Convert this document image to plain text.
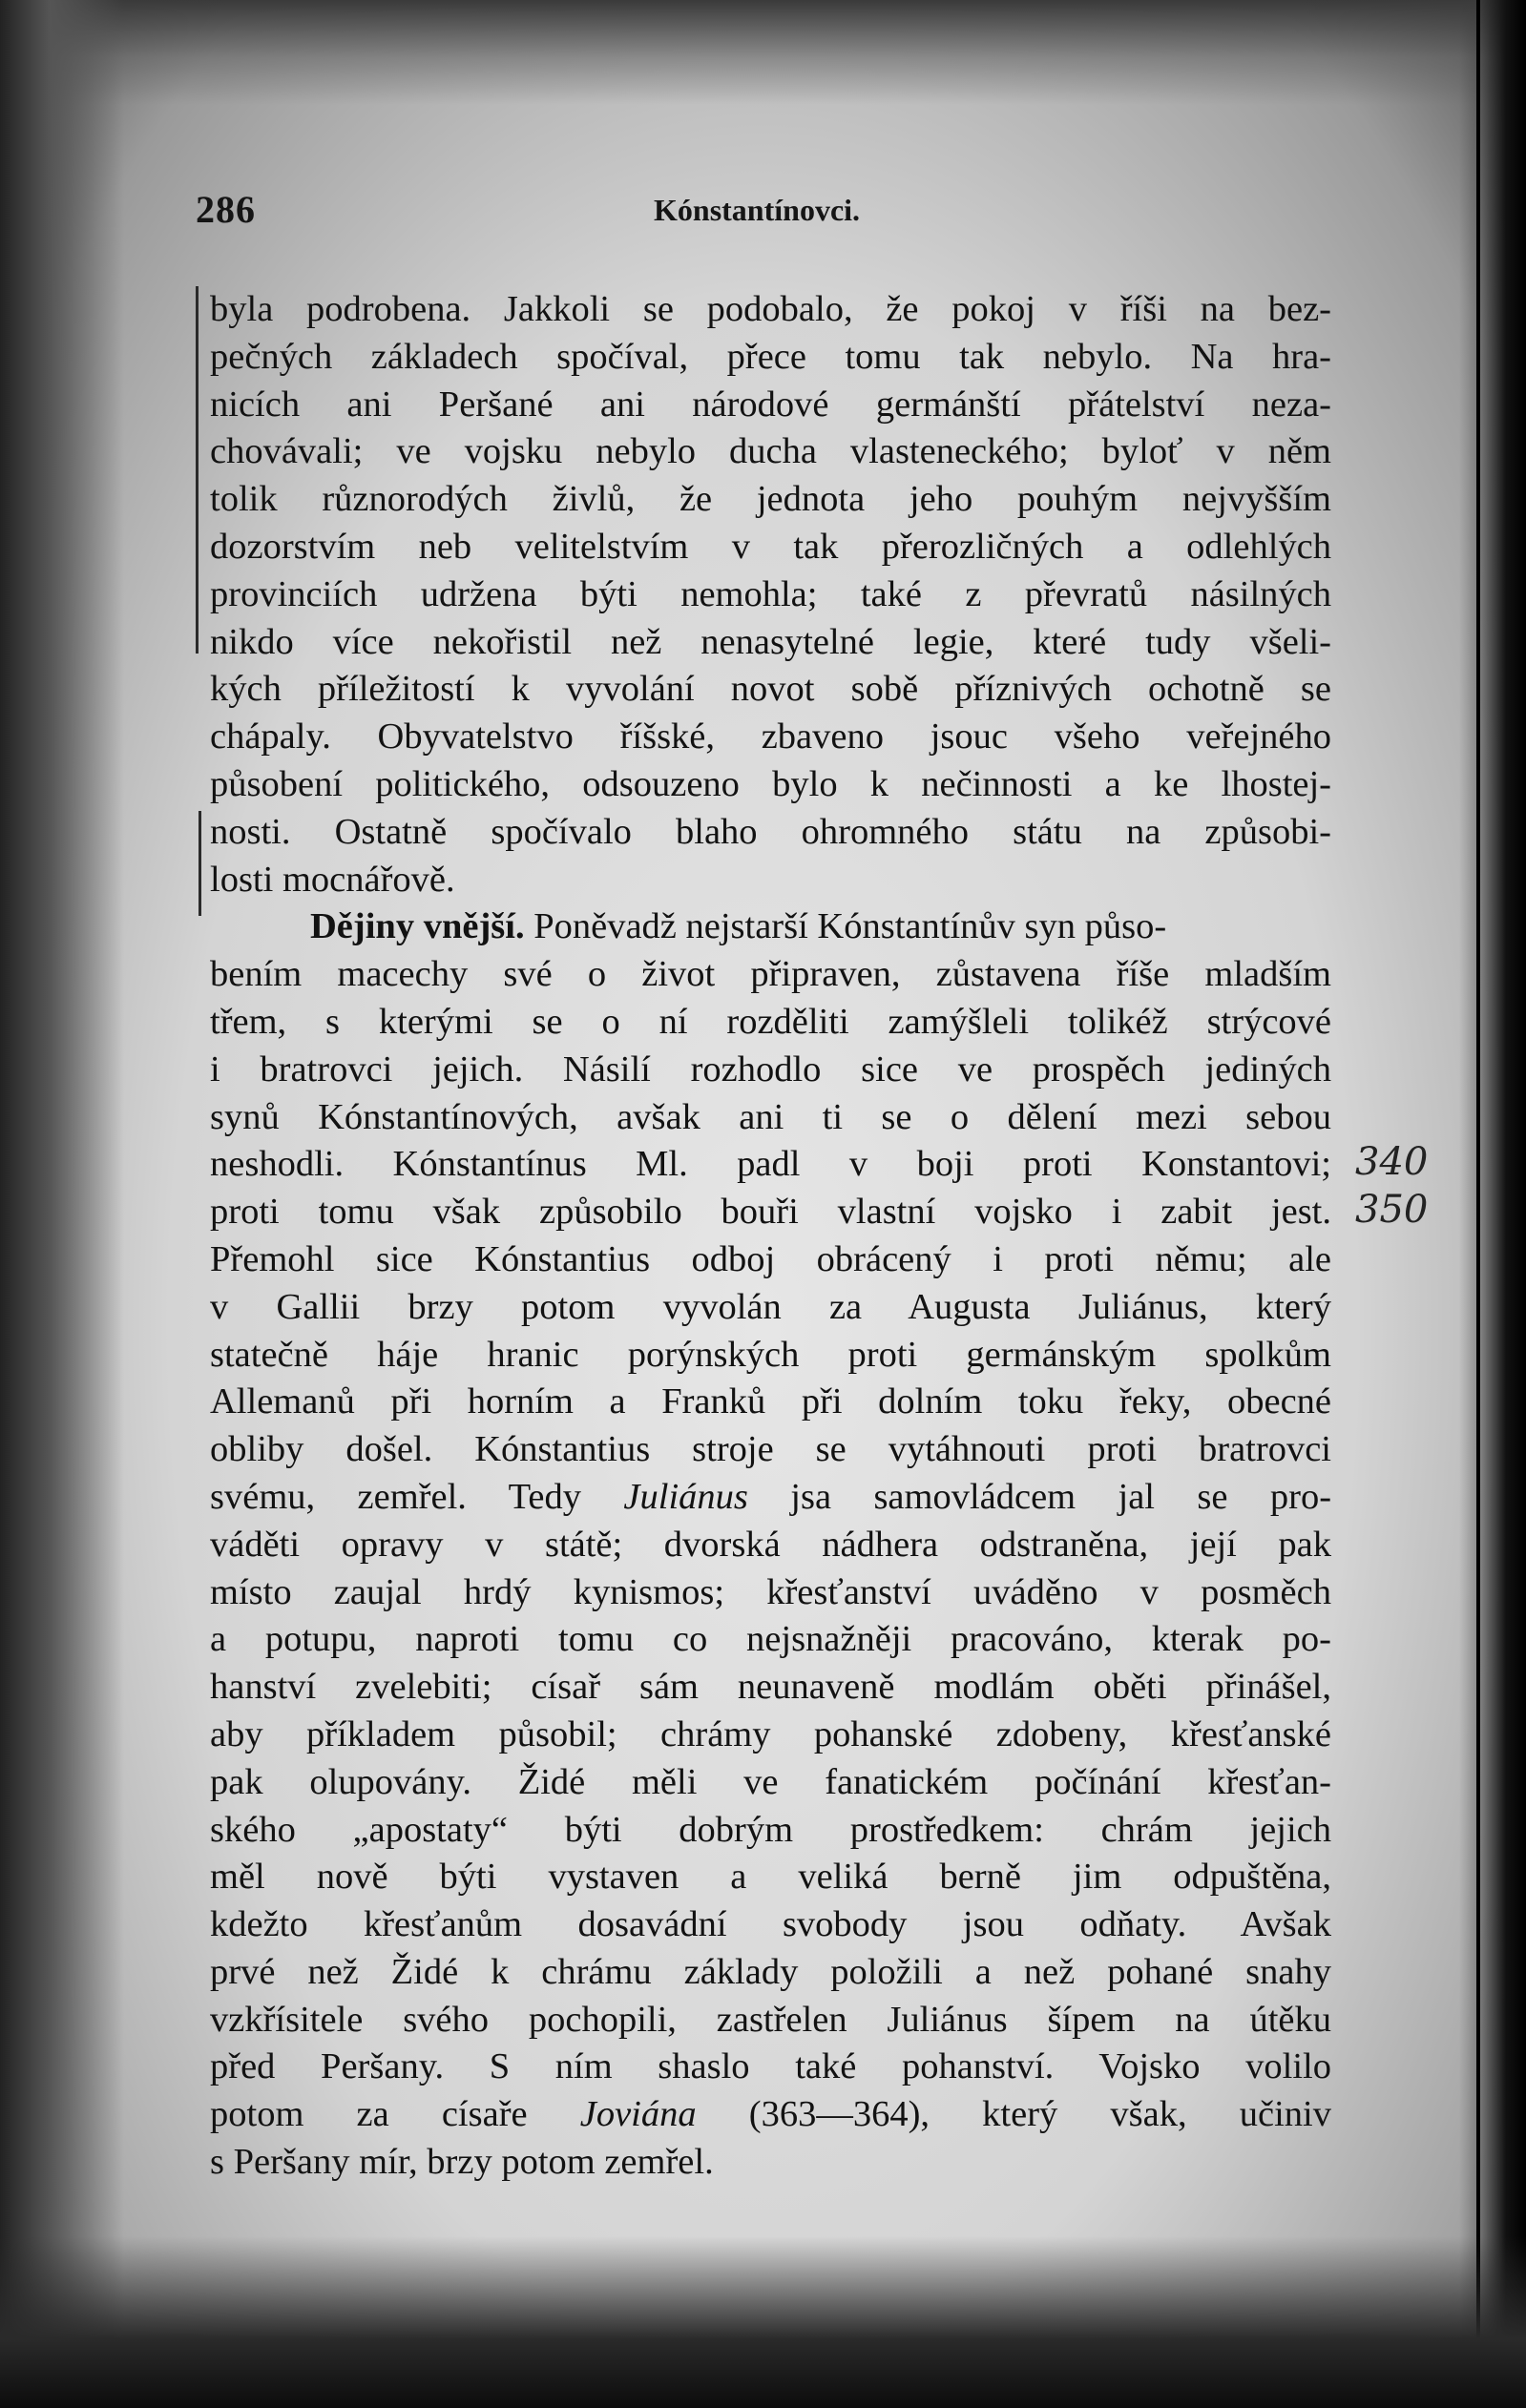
286	Kónstantínovci.
byla podrobena. Jakkoli se podobalo, že pokoj v říši na bez-
pečných základech spočíval, přece tomu tak nebylo. Na hra-
nicích ani Peršané ani národové germánští přátelství neza-
chovávali; ve vojsku nebylo ducha vlasteneckého; byloť v něm
tolik různorodých živlů, že jednota jeho pouhým nejvyšším
dozorstvím neb velitelstvím v tak přerozličných a odlehlých
provinciích udržena býti nemohla; také z převratů násilných
nikdo více nekořistil než nenasytelné legie, které tudy všeli-
kých příležitostí k vyvolání novot sobě příznivých ochotně se
chápaly. Obyvatelstvo říšské, zbaveno jsouc všeho veřejného
působení politického, odsouzeno bylo k nečinnosti a ke lhostej-
nosti. Ostatně spočívalo blaho ohromného státu na způsobi-
losti mocnářově.
Dějiny vnější. Poněvadž nejstarší Kónstantínův syn půso-
bením macechy své o život připraven, zůstavena říše mladším
třem, s kterými se o ní rozděliti zamýšleli tolikéž strýcové
i bratrovci jejich. Násilí rozhodlo sice ve prospěch jediných
synů Kónstantínových, avšak ani ti se o dělení mezi sebou
neshodli. Kónstantínus Ml. padl v boji proti Konstantovi;
proti tomu však způsobilo bouři vlastní vojsko i zabit jest.
Přemohl sice Kónstantius odboj obrácený i proti němu; ale
v Gallii brzy potom vyvolán za Augusta Juliánus, který
statečně háje hranic porýnských proti germánským spolkům
Allemanů při horním a Franků při dolním toku řeky, obecné
obliby došel. Kónstantius stroje se vytáhnouti proti bratrovci
svému, zemřel. Tedy Juliánus jsa samovládcem jal se pro-
váděti opravy v státě; dvorská nádhera odstraněna, její pak
místo zaujal hrdý kynismos; křesťanství uváděno v posměch
a potupu, naproti tomu co nejsnažněji pracováno, kterak po-
hanství zvelebiti; císař sám neunaveně modlám oběti přinášel,
aby příkladem působil; chrámy pohanské zdobeny, křesťanské
pak olupovány. Židé měli ve fanatickém počínání křesťan-
ského „apostaty“ býti dobrým prostředkem: chrám jejich
měl nově býti vystaven a veliká berně jim odpuštěna,
kdežto křesťanům dosavádní svobody jsou odňaty. Avšak
prvé než Židé k chrámu základy položili a než pohané snahy
vzkřísitele svého pochopili, zastřelen Juliánus šípem na útěku
před Peršany. S ním shaslo také pohanství. Vojsko volilo
potom za císaře Joviána (363—364), který však, učiniv
s Peršany mír, brzy potom zemřel.
340
350
